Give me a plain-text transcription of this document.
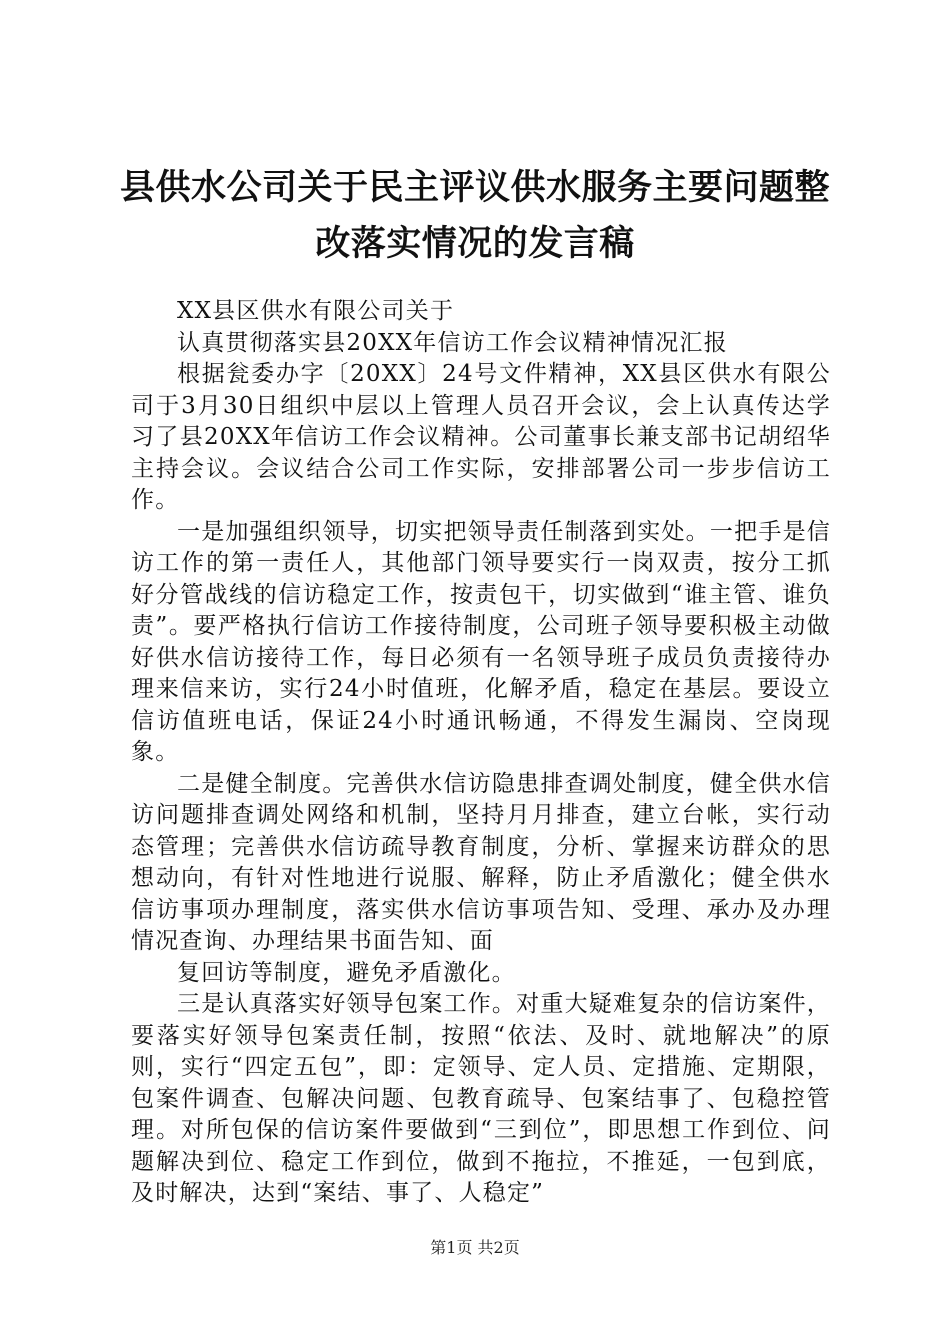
县供水公司关于民主评议供水服务主要问题整
改落实情况的发言稿

XX县区供水有限公司关于

认真贯彻落实县20XX年信访工作会议精神情况汇报

根据瓮委办字〔20XX〕24号文件精神，XX县区供水有限公司于3月30日组织中层以上管理人员召开会议，会上认真传达学习了县20XX年信访工作会议精神。公司董事长兼支部书记胡绍华主持会议。会议结合公司工作实际，安排部署公司一步步信访工作。

一是加强组织领导，切实把领导责任制落到实处。一把手是信访工作的第一责任人，其他部门领导要实行一岗双责，按分工抓好分管战线的信访稳定工作，按责包干，切实做到“谁主管、谁负责”。要严格执行信访工作接待制度，公司班子领导要积极主动做好供水信访接待工作，每日必须有一名领导班子成员负责接待办理来信来访，实行24小时值班，化解矛盾，稳定在基层。要设立信访值班电话，保证24小时通讯畅通，不得发生漏岗、空岗现象。

二是健全制度。完善供水信访隐患排查调处制度，健全供水信访问题排查调处网络和机制，坚持月月排查，建立台帐，实行动态管理；完善供水信访疏导教育制度，分析、掌握来访群众的思想动向，有针对性地进行说服、解释，防止矛盾激化；健全供水信访事项办理制度，落实供水信访事项告知、受理、承办及办理情况查询、办理结果书面告知、面

复回访等制度，避免矛盾激化。

三是认真落实好领导包案工作。对重大疑难复杂的信访案件，要落实好领导包案责任制，按照“依法、及时、就地解决”的原则，实行“四定五包”，即：定领导、定人员、定措施、定期限，包案件调查、包解决问题、包教育疏导、包案结事了、包稳控管理。对所包保的信访案件要做到“三到位”，即思想工作到位、问题解决到位、稳定工作到位，做到不拖拉，不推延，一包到底，及时解决，达到“案结、事了、人稳定”

第1页 共2页
